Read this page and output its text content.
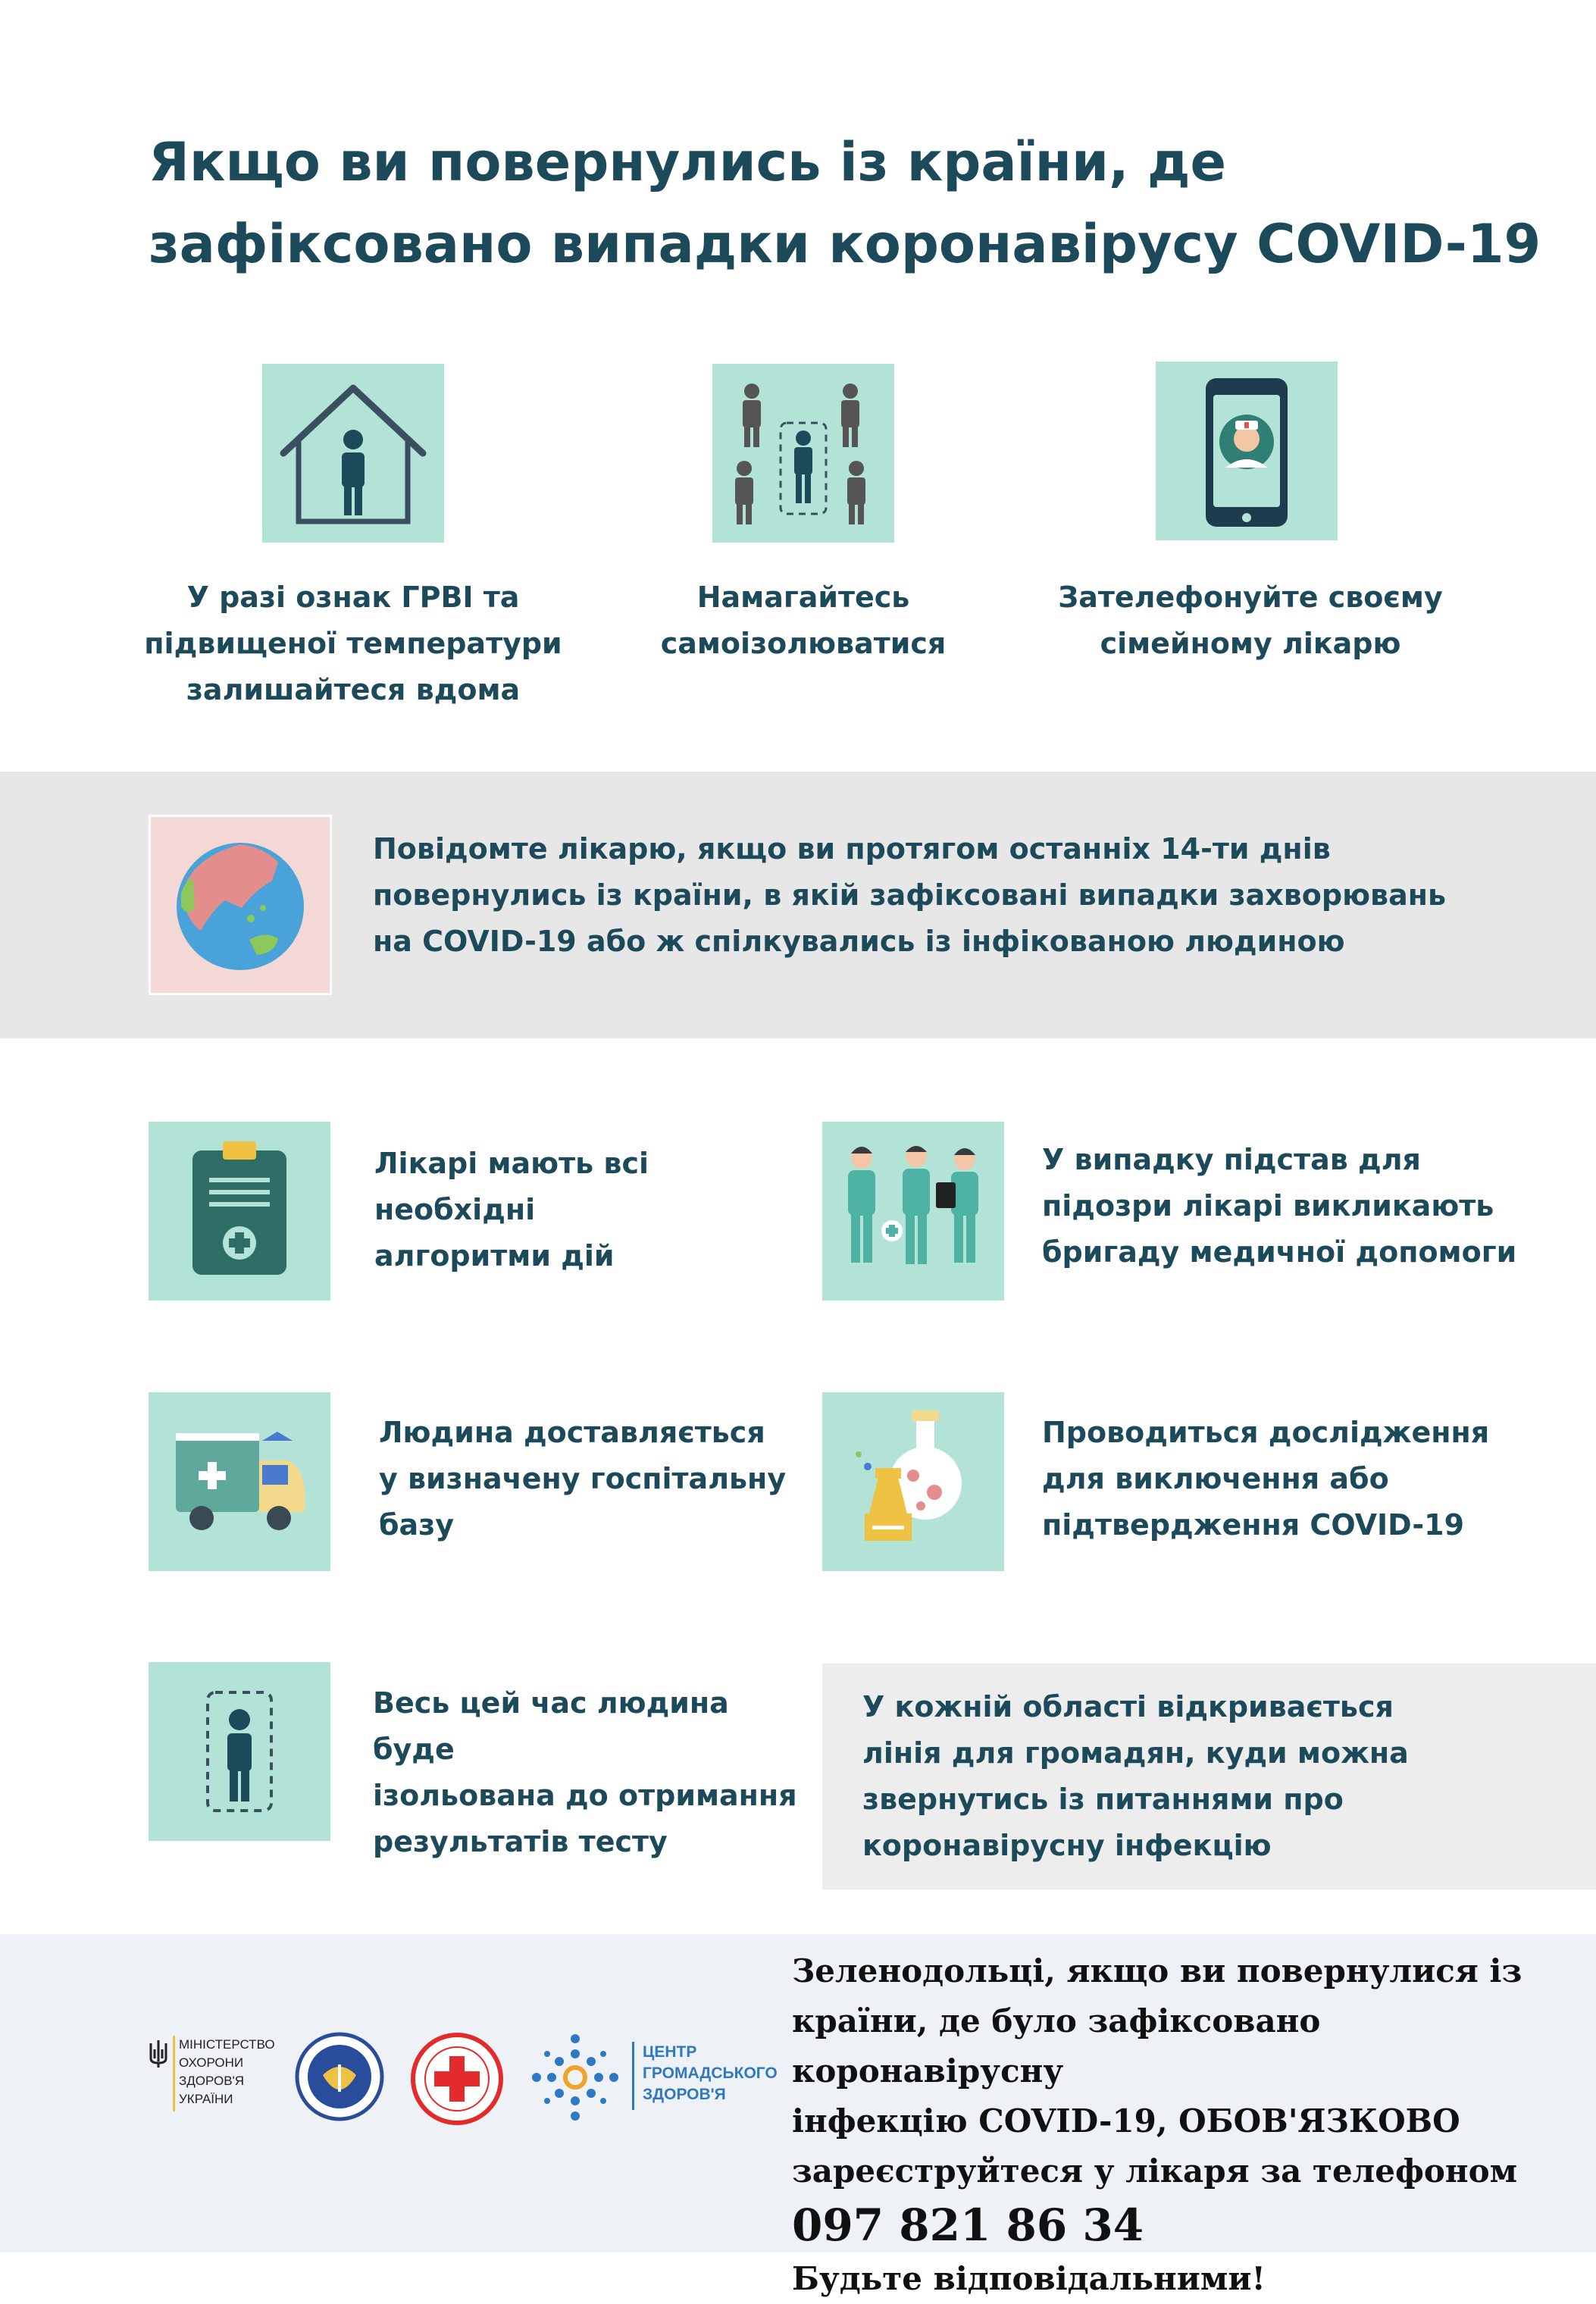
Якщо ви повернулись із країни, де
зафіксовано випадки коронавірусу COVID-19
У разі ознак ГРВІ та
підвищеної температури
залишайтеся вдома
Намагайтесь
самоізолюватися
Зателефонуйте своєму
сімейному лікарю
Повідомте лікарю, якщо ви протягом останніх 14-ти днів
повернулись із країни, в якій зафіксовані випадки захворювань
на COVID-19 або ж спілкувались із інфікованою людиною
Лікарі мають всі необхідні
алгоритми дій
У випадку підстав для
підозри лікарі викликають
бригаду медичної допомоги
Людина доставляється
у визначену госпітальну
базу
Проводиться дослідження
для виключення або
підтвердження COVID-19
Весь цей час людина буде
ізольована до отримання
результатів тесту
У кожній області відкривається
лінія для громадян, куди можна
звернутись із питаннями про
коронавірусну інфекцію
МІНІСТЕРСТВО
ОХОРОНИ
ЗДОРОВ'Я
УКРАЇНИ
ЦЕНТР
ГРОМАДСЬКОГО
ЗДОРОВ'Я
Зеленодольці, якщо ви повернулися із
країни, де було зафіксовано коронавірусну
інфекцію COVID-19, ОБОВ'ЯЗКОВО
зареєструйтеся у лікаря за телефоном
097 821 86 34
Будьте відповідальними!
